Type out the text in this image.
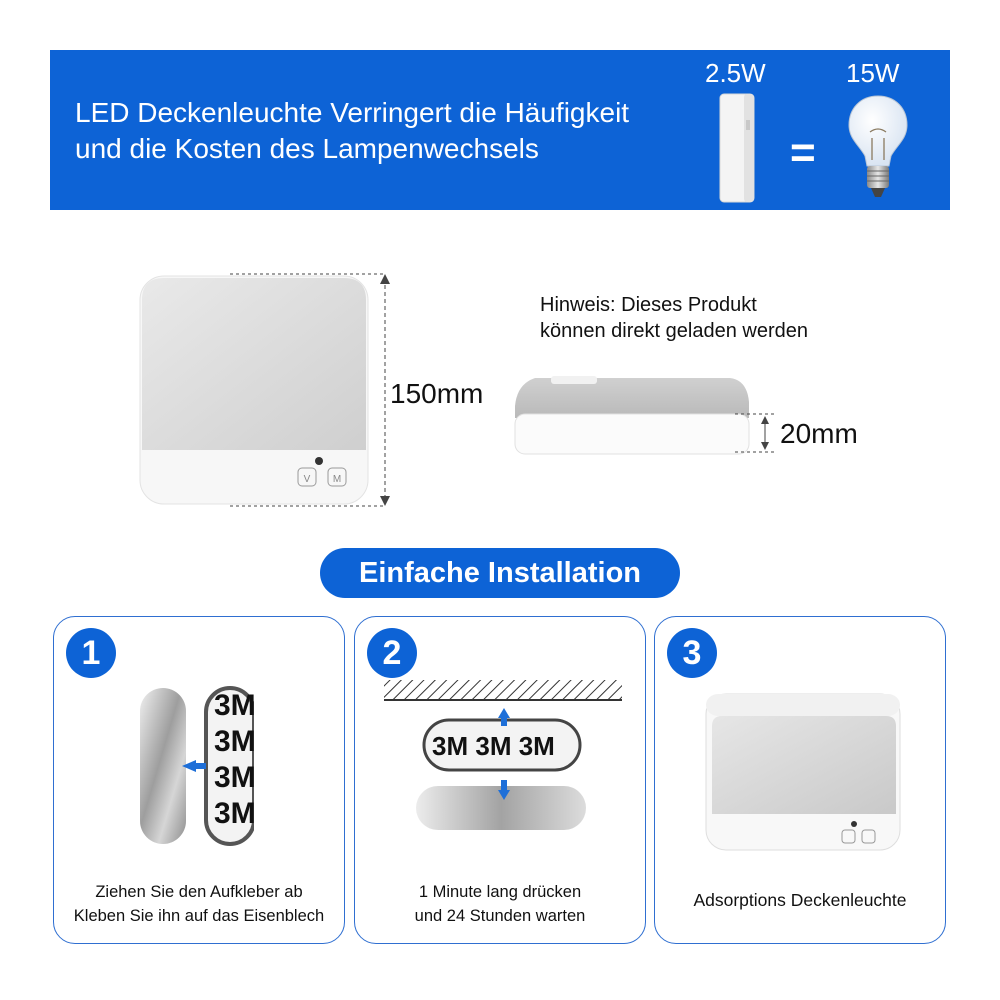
LED Deckenleuchte Verringert die Häufigkeit
und die Kosten des Lampenwechsels
2.5W	15W
=
V M
150mm
Hinweis: Dieses Produkt
können direkt geladen werden
20mm
Einfache Installation
1
3M
3M
3M
3M
Ziehen Sie den Aufkleber ab
Kleben Sie ihn auf das Eisenblech
2
3M 3M 3M
1 Minute lang drücken
und 24 Stunden warten
3
Adsorptions Deckenleuchte
